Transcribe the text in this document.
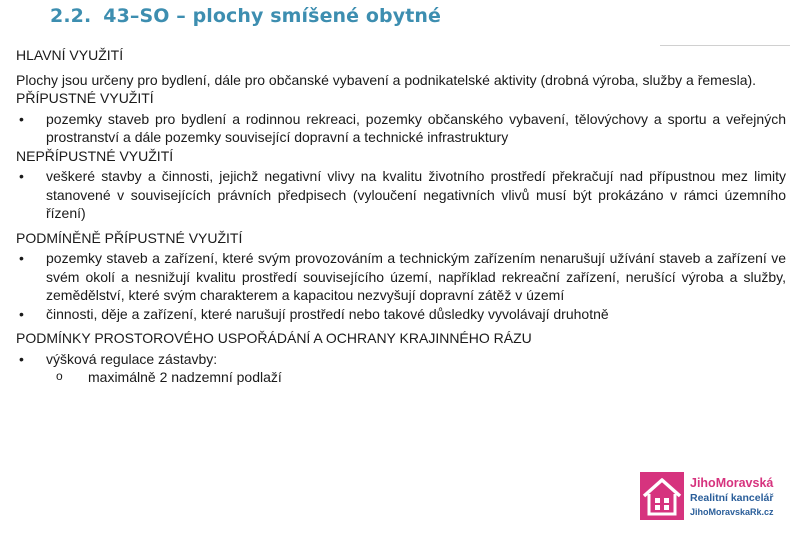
2.2. 43–SO – plochy smíšené obytné
HLAVNÍ VYUŽITÍ
Plochy jsou určeny pro bydlení, dále pro občanské vybavení a podnikatelské aktivity (drobná výroba, služby a řemesla).
PŘÍPUSTNÉ VYUŽITÍ
• pozemky staveb pro bydlení a rodinnou rekreaci, pozemky občanského vybavení, tělovýchovy a sportu a veřejných prostranství a dále pozemky související dopravní a technické infrastruktury
NEPŘÍPUSTNÉ VYUŽITÍ
• veškeré stavby a činnosti, jejichž negativní vlivy na kvalitu životního prostředí překračují nad přípustnou mez limity stanovené v souvisejících právních předpisech (vyloučení negativních vlivů musí být prokázáno v rámci územního řízení)
PODMÍNĚNĚ PŘÍPUSTNÉ VYUŽITÍ
• pozemky staveb a zařízení, které svým provozováním a technickým zařízením nenarušují užívání staveb a zařízení ve svém okolí a nesnižují kvalitu prostředí souvisejícího území, například rekreační zařízení, nerušící výroba a služby, zemědělství, které svým charakterem a kapacitou nezvyšují dopravní zátěž v území
• činnosti, děje a zařízení, které narušují prostředí nebo takové důsledky vyvolávají druhotně
PODMÍNKY PROSTOROVÉHO USPOŘÁDÁNÍ A OCHRANY KRAJINNÉHO RÁZU
• výšková regulace zástavby:
o maximálně 2 nadzemní podlaží
JihoMoravská
Realitní kancelář
JihoMoravskaRk.cz
